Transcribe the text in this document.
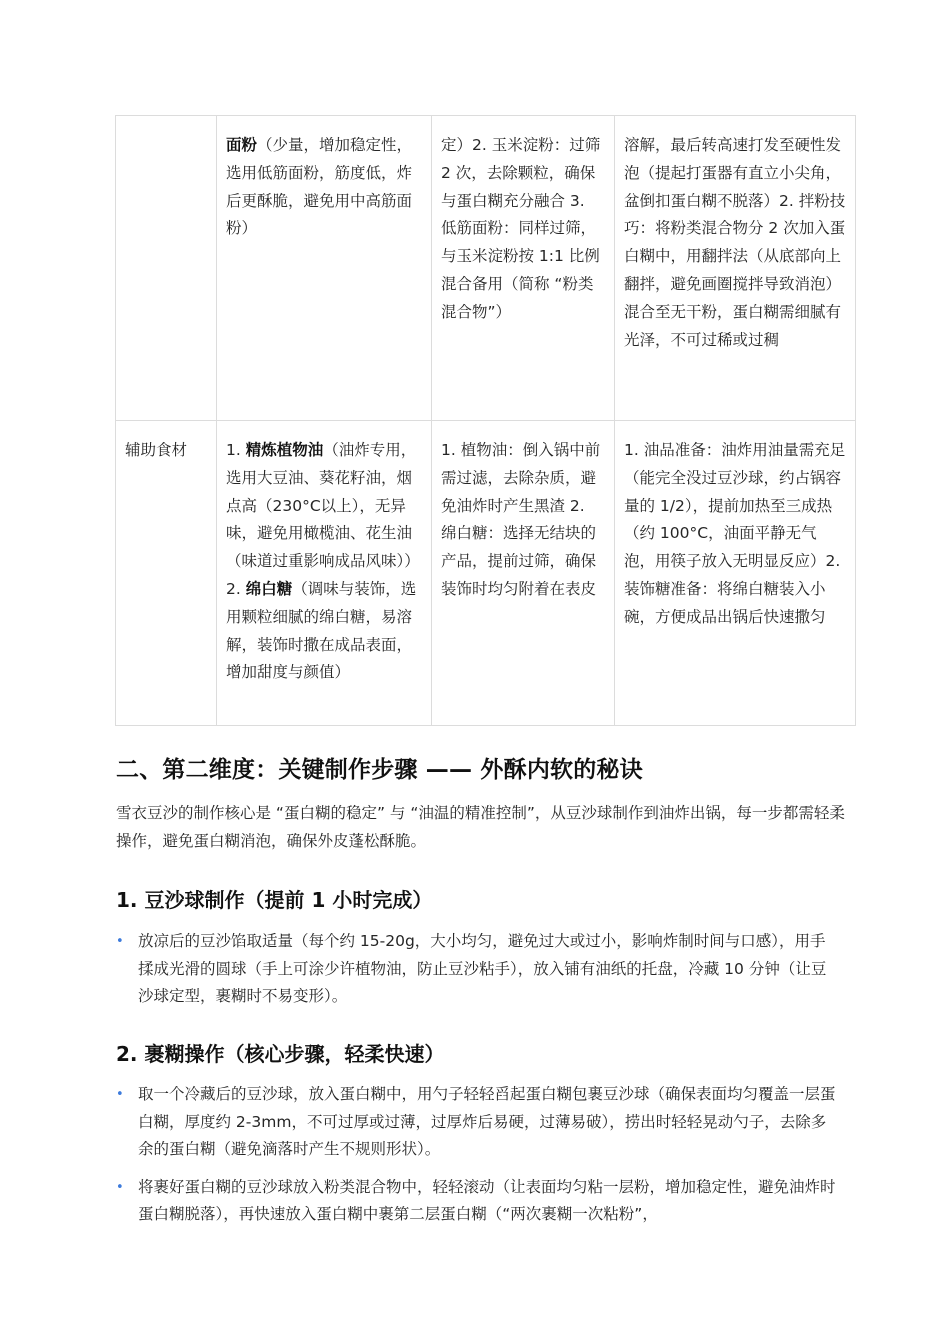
	面粉（少量，增加稳定性，选用低筋面粉，筋度低，炸后更酥脆，避免用中高筋面粉）	定）2. 玉米淀粉：过筛 2 次，去除颗粒，确保与蛋白糊充分融合 3. 低筋面粉：同样过筛，与玉米淀粉按 1:1 比例混合备用（简称 “粉类混合物”）	溶解，最后转高速打发至硬性发泡（提起打蛋器有直立小尖角，盆倒扣蛋白糊不脱落）2. 拌粉技巧：将粉类混合物分 2 次加入蛋白糊中，用翻拌法（从底部向上翻拌，避免画圈搅拌导致消泡）混合至无干粉，蛋白糊需细腻有光泽，不可过稀或过稠
辅助食材	1. 精炼植物油（油炸专用，选用大豆油、葵花籽油，烟点高（230°C以上），无异味，避免用橄榄油、花生油（味道过重影响成品风味））2. 绵白糖（调味与装饰，选用颗粒细腻的绵白糖，易溶解，装饰时撒在成品表面，增加甜度与颜值）	1. 植物油：倒入锅中前需过滤，去除杂质，避免油炸时产生黑渣 2. 绵白糖：选择无结块的产品，提前过筛，确保装饰时均匀附着在表皮	1. 油品准备：油炸用油量需充足（能完全没过豆沙球，约占锅容量的 1/2），提前加热至三成热（约 100°C，油面平静无气泡，用筷子放入无明显反应）2. 装饰糖准备：将绵白糖装入小碗，方便成品出锅后快速撒匀
二、第二维度：关键制作步骤 —— 外酥内软的秘诀

雪衣豆沙的制作核心是 “蛋白糊的稳定” 与 “油温的精准控制”，从豆沙球制作到油炸出锅，每一步都需轻柔操作，避免蛋白糊消泡，确保外皮蓬松酥脆。

1. 豆沙球制作（提前 1 小时完成）
• 放凉后的豆沙馅取适量（每个约 15-20g，大小均匀，避免过大或过小，影响炸制时间与口感），用手揉成光滑的圆球（手上可涂少许植物油，防止豆沙粘手），放入铺有油纸的托盘，冷藏 10 分钟（让豆沙球定型，裹糊时不易变形）。
2. 裹糊操作（核心步骤，轻柔快速）
• 取一个冷藏后的豆沙球，放入蛋白糊中，用勺子轻轻舀起蛋白糊包裹豆沙球（确保表面均匀覆盖一层蛋白糊，厚度约 2-3mm，不可过厚或过薄，过厚炸后易硬，过薄易破），捞出时轻轻晃动勺子，去除多余的蛋白糊（避免滴落时产生不规则形状）。
• 将裹好蛋白糊的豆沙球放入粉类混合物中，轻轻滚动（让表面均匀粘一层粉，增加稳定性，避免油炸时蛋白糊脱落），再快速放入蛋白糊中裹第二层蛋白糊（“两次裹糊一次粘粉”，
